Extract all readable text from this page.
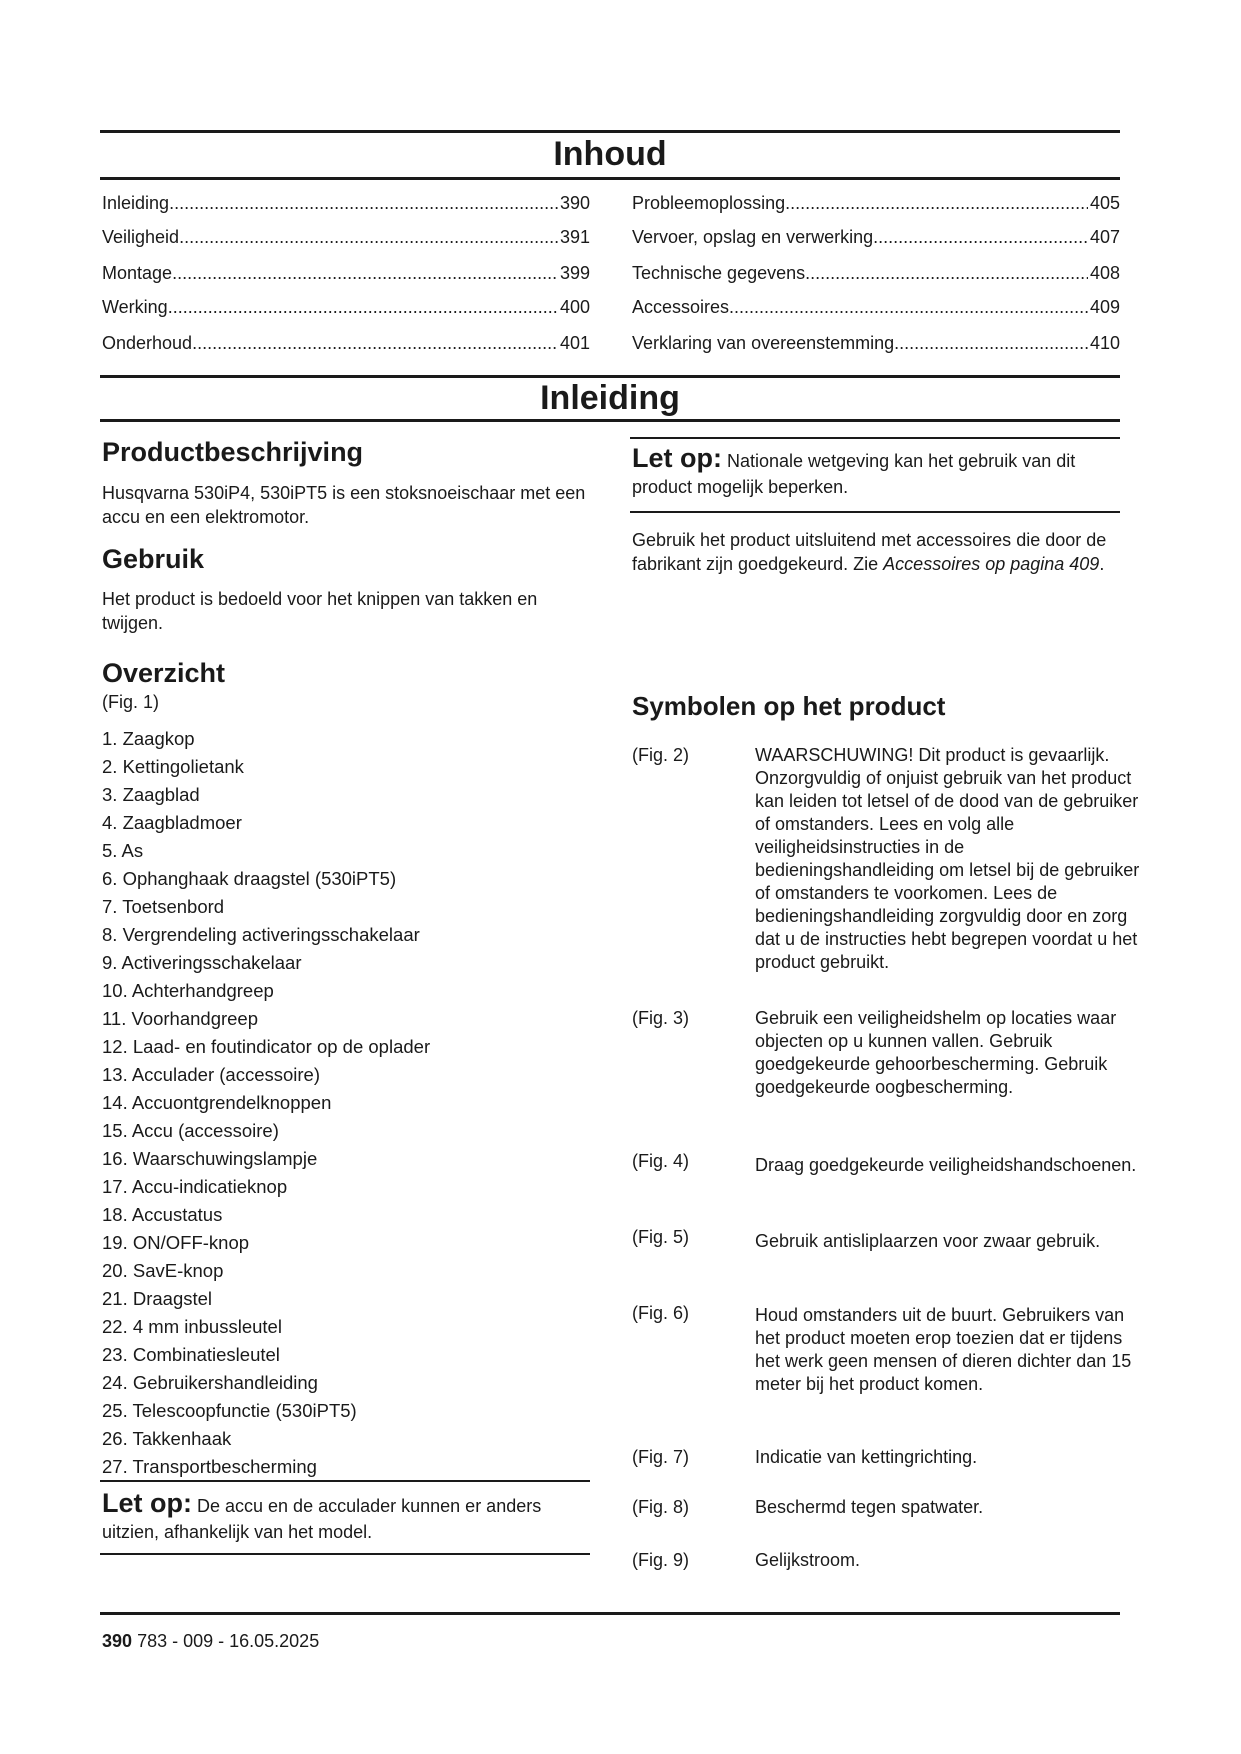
Inhoud
Inleiding .....	390
Veiligheid .....	391
Montage .....	399
Werking .....	400
Onderhoud .....	401
Probleemoplossing .....	405
Vervoer, opslag en verwerking .....	407
Technische gegevens .....	408
Accessoires .....	409
Verklaring van overeenstemming .....	410
Inleiding
Productbeschrijving

Husqvarna 530iP4, 530iPT5 is een stoksnoeischaar met een accu en een elektromotor.

Gebruik

Het product is bedoeld voor het knippen van takken en twijgen.

Overzicht

(Fig. 1)

1. Zaagkop
2. Kettingolietank
3. Zaagblad
4. Zaagbladmoer
5. As
6. Ophanghaak draagstel (530iPT5)
7. Toetsenbord
8. Vergrendeling activeringsschakelaar
9. Activeringsschakelaar
10. Achterhandgreep
11. Voorhandgreep
12. Laad- en foutindicator op de oplader
13. Acculader (accessoire)
14. Accuontgrendelknoppen
15. Accu (accessoire)
16. Waarschuwingslampje
17. Accu-indicatieknop
18. Accustatus
19. ON/OFF-knop
20. SavE-knop
21. Draagstel
22. 4 mm inbussleutel
23. Combinatiesleutel
24. Gebruikershandleiding
25. Telescoopfunctie (530iPT5)
26. Takkenhaak
27. Transportbescherming

Let op: De accu en de acculader kunnen er anders uitzien, afhankelijk van het model.

Let op: Nationale wetgeving kan het gebruik van dit product mogelijk beperken.

Gebruik het product uitsluitend met accessoires die door de fabrikant zijn goedgekeurd. Zie Accessoires op pagina 409.

Symbolen op het product
(Fig. 2)	WAARSCHUWING! Dit product is gevaarlijk. Onzorgvuldig of onjuist gebruik van het product kan leiden tot letsel of de dood van de gebruiker of omstanders. Lees en volg alle veiligheidsinstructies in de bedieningshandleiding om letsel bij de gebruiker of omstanders te voorkomen. Lees de bedieningshandleiding zorgvuldig door en zorg dat u de instructies hebt begrepen voordat u het product gebruikt.
(Fig. 3)	Gebruik een veiligheidshelm op locaties waar objecten op u kunnen vallen. Gebruik goedgekeurde gehoorbescherming. Gebruik goedgekeurde oogbescherming.
(Fig. 4)	Draag goedgekeurde veiligheidshandschoenen.
(Fig. 5)	Gebruik antisliplaarzen voor zwaar gebruik.
(Fig. 6)	Houd omstanders uit de buurt. Gebruikers van het product moeten erop toezien dat er tijdens het werk geen mensen of dieren dichter dan 15 meter bij het product komen.
(Fig. 7)	Indicatie van kettingrichting.
(Fig. 8)	Beschermd tegen spatwater.
(Fig. 9)	Gelijkstroom.
390 783 - 009 - 16.05.2025
